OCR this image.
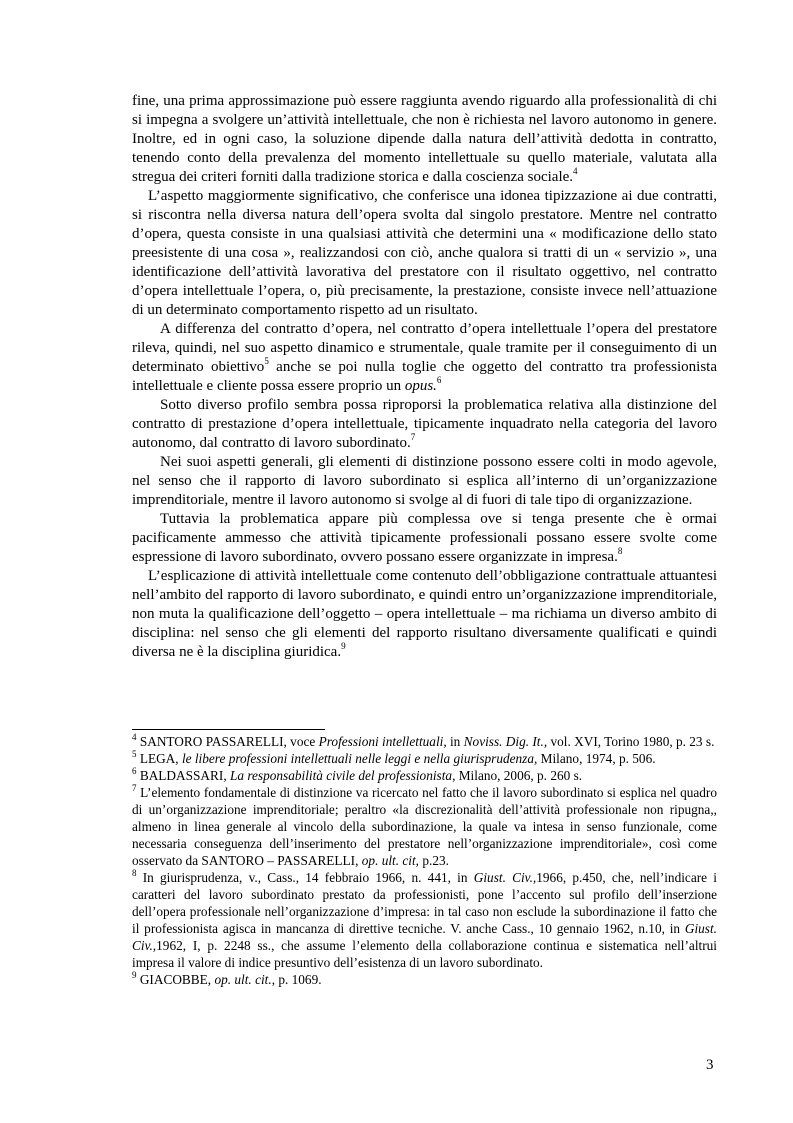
fine, una prima approssimazione può essere raggiunta avendo riguardo alla professionalità di chi si impegna a svolgere un’attività intellettuale, che non è richiesta nel lavoro autonomo in genere. Inoltre, ed in ogni caso, la soluzione dipende dalla natura dell’attività dedotta in contratto, tenendo conto della prevalenza del momento intellettuale su quello materiale, valutata alla stregua dei criteri forniti dalla tradizione storica e dalla coscienza sociale.$^4$

L’aspetto maggiormente significativo, che conferisce una idonea tipizzazione ai due contratti, si riscontra nella diversa natura dell’opera svolta dal singolo prestatore. Mentre nel contratto d’opera, questa consiste in una qualsiasi attività che determini una « modificazione dello stato preesistente di una cosa », realizzandosi con ciò, anche qualora si tratti di un « servizio », una identificazione dell’attività lavorativa del prestatore con il risultato oggettivo, nel contratto d’opera intellettuale l’opera, o, più precisamente, la prestazione, consiste invece nell’attuazione di un determinato comportamento rispetto ad un risultato.

A differenza del contratto d’opera, nel contratto d’opera intellettuale l’opera del prestatore rileva, quindi, nel suo aspetto dinamico e strumentale, quale tramite per il conseguimento di un determinato obiettivo$^5$ anche se poi nulla toglie che oggetto del contratto tra professionista intellettuale e cliente possa essere proprio un opus.$^6$

Sotto diverso profilo sembra possa riproporsi la problematica relativa alla distinzione del contratto di prestazione d’opera intellettuale, tipicamente inquadrato nella categoria del lavoro autonomo, dal contratto di lavoro subordinato.$^7$

Nei suoi aspetti generali, gli elementi di distinzione possono essere colti in modo agevole, nel senso che il rapporto di lavoro subordinato si esplica all’interno di un’organizzazione imprenditoriale, mentre il lavoro autonomo si svolge al di fuori di tale tipo di organizzazione.

Tuttavia la problematica appare più complessa ove si tenga presente che è ormai pacificamente ammesso che attività tipicamente professionali possano essere svolte come espressione di lavoro subordinato, ovvero possano essere organizzate in impresa.$^8$

L’esplicazione di attività intellettuale come contenuto dell’obbligazione contrattuale attuantesi nell’ambito del rapporto di lavoro subordinato, e quindi entro un’organizzazione imprenditoriale, non muta la qualificazione dell’oggetto – opera intellettuale – ma richiama un diverso ambito di disciplina: nel senso che gli elementi del rapporto risultano diversamente qualificati e quindi diversa ne è la disciplina giuridica.$^9$

$^4$ SANTORO PASSARELLI, voce Professioni intellettuali, in Noviss. Dig. It., vol. XVI, Torino 1980, p. 23 s.

$^5$ LEGA, le libere professioni intellettuali nelle leggi e nella giurisprudenza, Milano, 1974, p. 506.

$^6$ BALDASSARI, La responsabilità civile del professionista, Milano, 2006, p. 260 s.

$^7$ L’elemento fondamentale di distinzione va ricercato nel fatto che il lavoro subordinato si esplica nel quadro di un’organizzazione imprenditoriale; peraltro «la discrezionalità dell’attività professionale non ripugna,, almeno in linea generale al vincolo della subordinazione, la quale va intesa in senso funzionale, come necessaria conseguenza dell’inserimento del prestatore nell’organizzazione imprenditoriale», così come osservato da SANTORO – PASSARELLI, op. ult. cit, p.23.

$^8$ In giurisprudenza, v., Cass., 14 febbraio 1966, n. 441, in Giust. Civ.,1966, p.450, che, nell’indicare i caratteri del lavoro subordinato prestato da professionisti, pone l’accento sul profilo dell’inserzione dell’opera professionale nell’organizzazione d’impresa: in tal caso non esclude la subordinazione il fatto che il professionista agisca in mancanza di direttive tecniche. V. anche Cass., 10 gennaio 1962, n.10, in Giust. Civ.,1962, I, p. 2248 ss., che assume l’elemento della collaborazione continua e sistematica nell’altrui impresa il valore di indice presuntivo dell’esistenza di un lavoro subordinato.

$^9$ GIACOBBE, op. ult. cit., p. 1069.

3
